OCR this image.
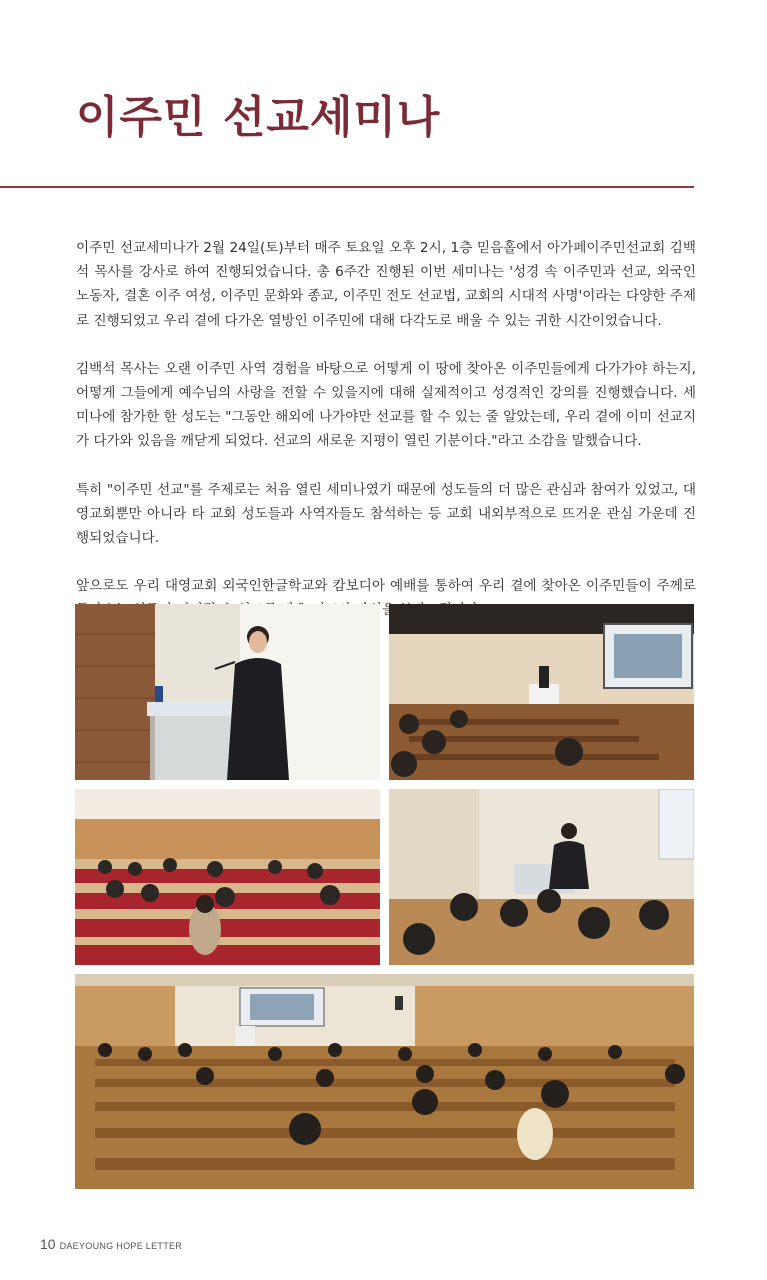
이주민 선교세미나

이주민 선교세미나가 2월 24일(토)부터 매주 토요일 오후 2시, 1층 믿음홀에서 아가페이주민선교회 김백석 목사를 강사로 하여 진행되었습니다. 총 6주간 진행된 이번 세미나는 '성경 속 이주민과 선교, 외국인 노동자, 결혼 이주 여성, 이주민 문화와 종교, 이주민 전도 선교법, 교회의 시대적 사명'이라는 다양한 주제로 진행되었고 우리 곁에 다가온 열방인 이주민에 대해 다각도로 배울 수 있는 귀한 시간이었습니다.

김백석 목사는 오랜 이주민 사역 경험을 바탕으로 어떻게 이 땅에 찾아온 이주민들에게 다가가야 하는지, 어떻게 그들에게 예수님의 사랑을 전할 수 있을지에 대해 실제적이고 성경적인 강의를 진행했습니다. 세미나에 참가한 한 성도는 "그동안 해외에 나가야만 선교를 할 수 있는 줄 알았는데, 우리 곁에 이미 선교지가 다가와 있음을 깨닫게 되었다. 선교의 새로운 지평이 열린 기분이다."라고 소감을 말했습니다.

특히 "이주민 선교"를 주제로는 처음 열린 세미나였기 때문에 성도들의 더 많은 관심과 참여가 있었고, 대영교회뿐만 아니라 타 교회 성도들과 사역자들도 참석하는 등 교회 내외부적으로 뜨거운 관심 가운데 진행되었습니다.

앞으로도 우리 대영교회 외국인한글학교와 캄보디아 예배를 통하여 우리 곁에 찾아온 이주민들이 주께로

10 DAEYOUNG HOPE LETTER
